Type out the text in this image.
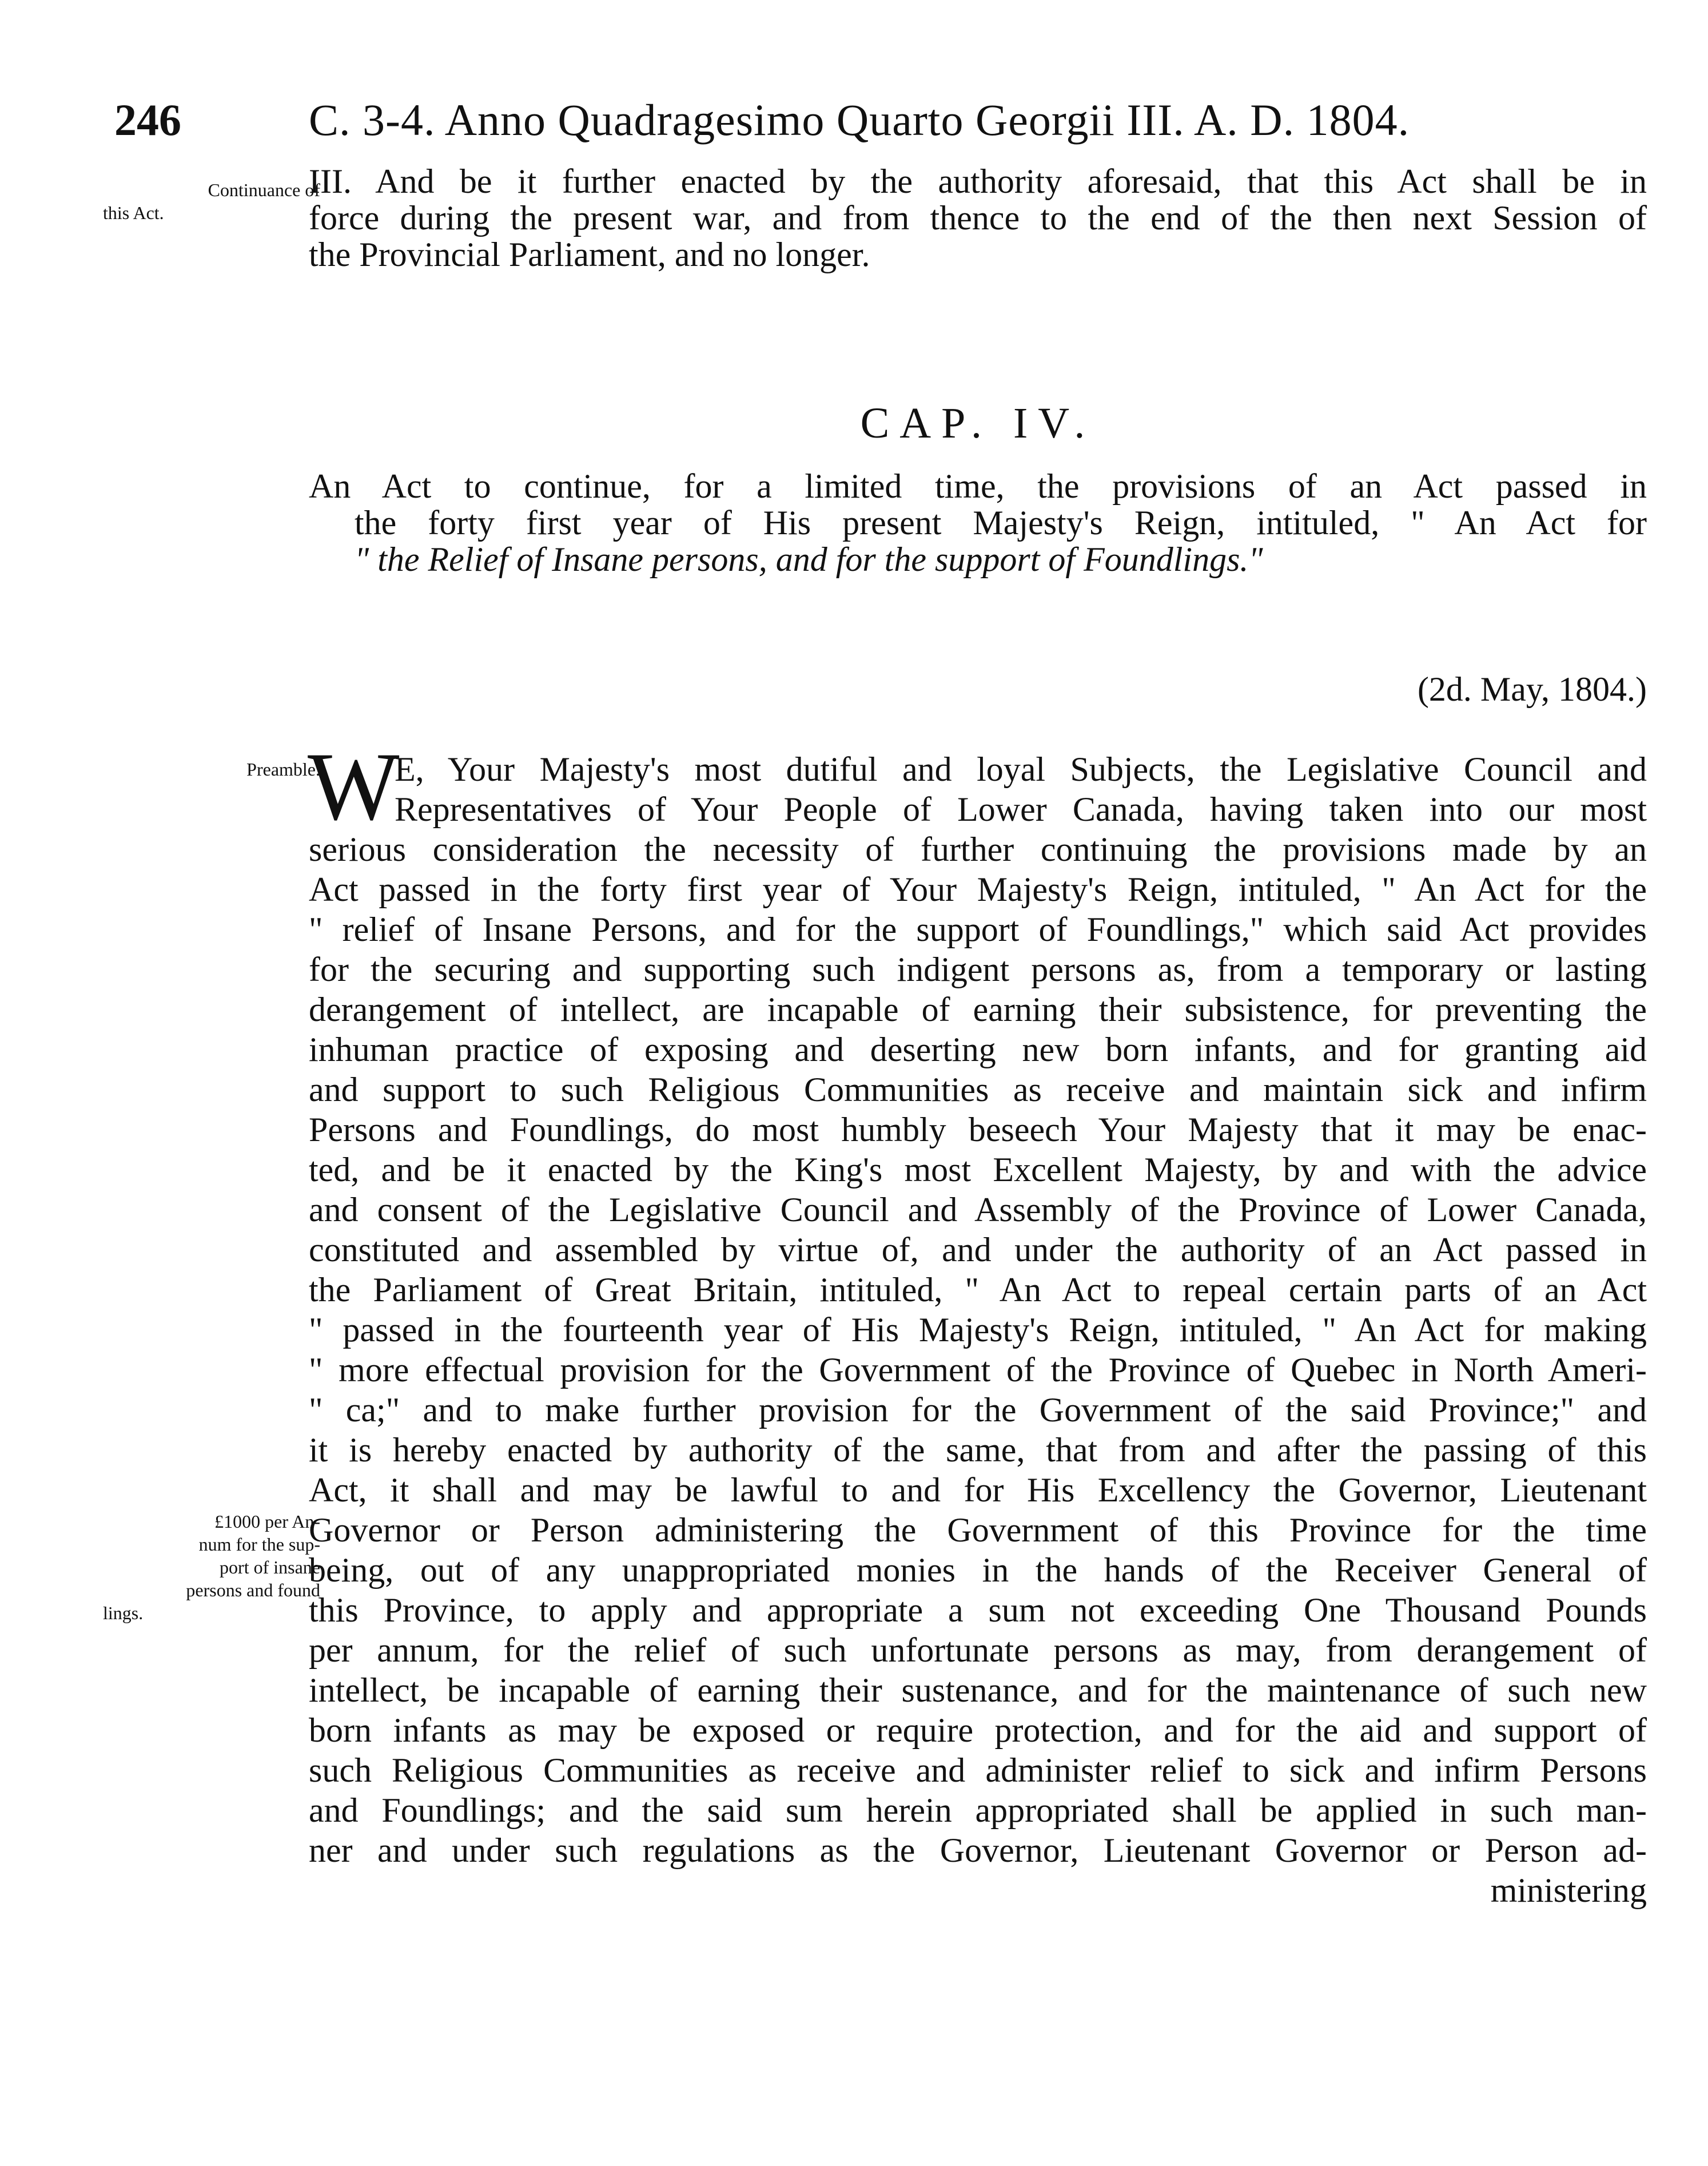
246	C. 3-4. Anno Quadragesimo Quarto Georgii III. A. D. 1804.
Continuance of
this Act.
III. And be it further enacted by the authority aforesaid, that this Act shall be in
force during the present war, and from thence to the end of the then next Session of
the Provincial Parliament, and no longer.
CAP. IV.
An Act to continue, for a limited time, the provisions of an Act passed in
the forty first year of His present Majesty's Reign, intituled, " An Act for
" the Relief of Insane persons, and for the support of Foundlings."
(2d. May, 1804.)
Preamble.
£1000 per An-
num for the sup-
port of insane
persons and found
lings.
W
E, Your Majesty's most dutiful and loyal Subjects, the Legislative Council and
Representatives of Your People of Lower Canada, having taken into our most
serious consideration the necessity of further continuing the provisions made by an
Act passed in the forty first year of Your Majesty's Reign, intituled, " An Act for the
" relief of Insane Persons, and for the support of Foundlings," which said Act provides
for the securing and supporting such indigent persons as, from a temporary or lasting
derangement of intellect, are incapable of earning their subsistence, for preventing the
inhuman practice of exposing and deserting new born infants, and for granting aid
and support to such Religious Communities as receive and maintain sick and infirm
Persons and Foundlings, do most humbly beseech Your Majesty that it may be enac-
ted, and be it enacted by the King's most Excellent Majesty, by and with the advice
and consent of the Legislative Council and Assembly of the Province of Lower Canada,
constituted and assembled by virtue of, and under the authority of an Act passed in
the Parliament of Great Britain, intituled, " An Act to repeal certain parts of an Act
" passed in the fourteenth year of His Majesty's Reign, intituled, " An Act for making
" more effectual provision for the Government of the Province of Quebec in North Ameri-
" ca;" and to make further provision for the Government of the said Province;" and
it is hereby enacted by authority of the same, that from and after the passing of this
Act, it shall and may be lawful to and for His Excellency the Governor, Lieutenant
Governor or Person administering the Government of this Province for the time
being, out of any unappropriated monies in the hands of the Receiver General of
this Province, to apply and appropriate a sum not exceeding One Thousand Pounds
per annum, for the relief of such unfortunate persons as may, from derangement of
intellect, be incapable of earning their sustenance, and for the maintenance of such new
born infants as may be exposed or require protection, and for the aid and support of
such Religious Communities as receive and administer relief to sick and infirm Persons
and Foundlings; and the said sum herein appropriated shall be applied in such man-
ner and under such regulations as the Governor, Lieutenant Governor or Person ad-
ministering
